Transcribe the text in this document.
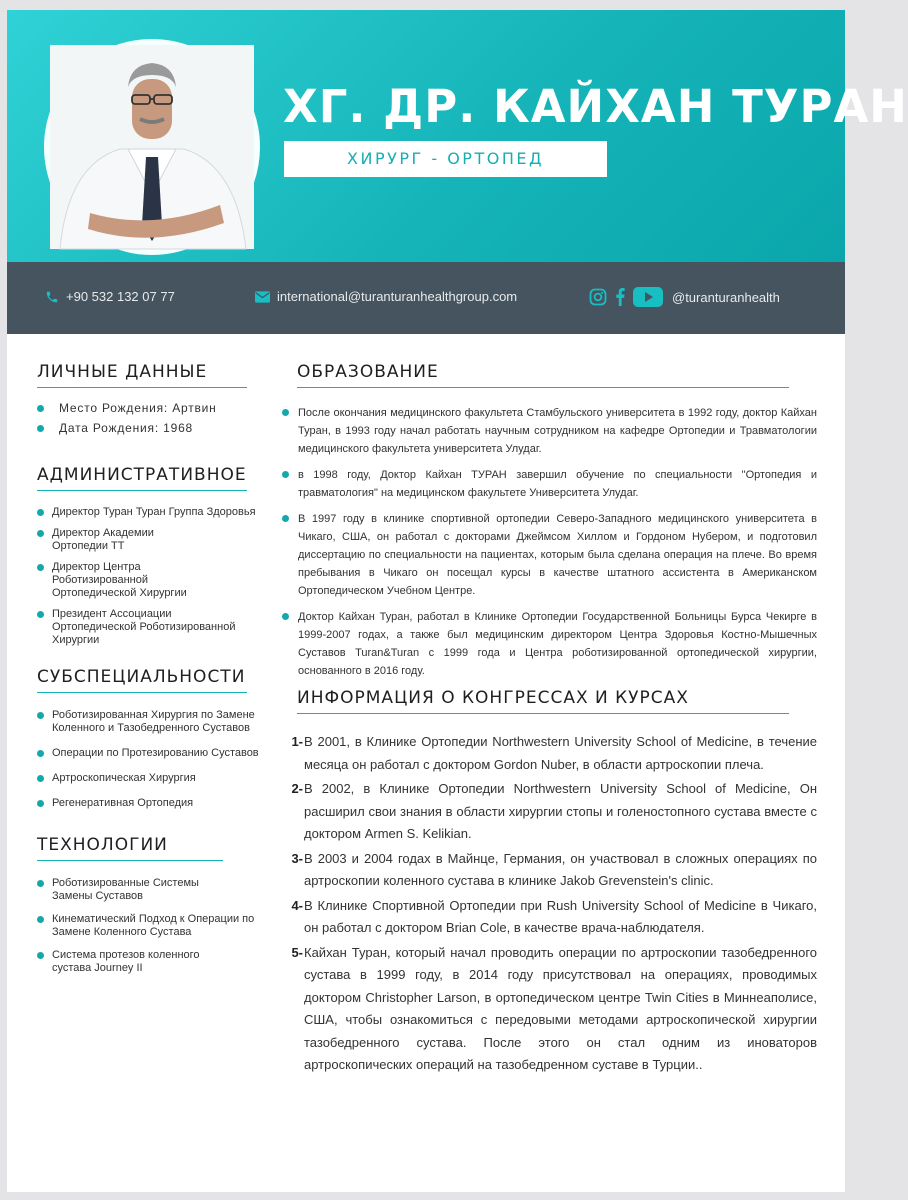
ХГ. ДР. КАЙХАН ТУРАН
ХИРУРГ - ОРТОПЕД
+90 532 132 07 77	international@turanturanhealthgroup.com	@turanturanhealth
ЛИЧНЫЕ ДАННЫЕ
Место Рождения: Артвин
Дата Рождения: 1968
АДМИНИСТРАТИВНОЕ
Директор Туран Туран Группа Здоровья
Директор Академии Ортопедии ТТ
Директор Центра Роботизированной Ортопедической Хирургии
Президент Ассоциации Ортопедической Роботизированной Хирургии
СУБСПЕЦИАЛЬНОСТИ
Роботизированная Хирургия по Замене Коленного и Тазобедренного Суставов
Операции по Протезированию Суставов
Артроскопическая Хирургия
Регенеративная Ортопедия
ТЕХНОЛОГИИ
Роботизированные Системы Замены Суставов
Кинематический Подход к Операции по Замене Коленного Сустава
Система протезов коленного сустава Journey II
ОБРАЗОВАНИЕ
После окончания медицинского факультета Стамбульского университета в 1992 году, доктор Кайхан Туран, в 1993 году начал работать научным сотрудником на кафедре Ортопедии и Травматологии медицинского факультета университета Улудаг.
в 1998 году, Доктор Кайхан ТУРАН завершил обучение по специальности "Ортопедия и травматология" на медицинском факультете Университета Улудаг.
В 1997 году в клинике спортивной ортопедии Северо-Западного медицинского университета в Чикаго, США, он работал с докторами Джеймсом Хиллом и Гордоном Нубером, и подготовил диссертацию по специальности на пациентах, которым была сделана операция на плече. Во время пребывания в Чикаго он посещал курсы в качестве штатного ассистента в Американском Ортопедическом Учебном Центре.
Доктор Кайхан Туран, работал в Клинике Ортопедии Государственной Больницы Бурса Чекирге в 1999-2007 годах, а также был медицинским директором Центра Здоровья Костно-Мышечных Суставов Turan&Turan с 1999 года и Центра роботизированной ортопедической хирургии, основанного в 2016 году.
ИНФОРМАЦИЯ О КОНГРЕССАХ И КУРСАХ
1- В 2001, в Клинике Ортопедии Northwestern University School of Medicine, в течение месяца он работал с доктором Gordon Nuber, в области артроскопии плеча.
2- В 2002, в Клинике Ортопедии Northwestern University School of Medicine, Он расширил свои знания в области хирургии стопы и голеностопного сустава вместе с доктором Armen S. Kelikian.
3- В 2003 и 2004 годах в Майнце, Германия, он участвовал в сложных операциях по артроскопии коленного сустава в клинике Jakob Grevenstein's clinic.
4- В Клинике Спортивной Ортопедии при Rush University School of Medicine в Чикаго, он работал с доктором Brian Cole, в качестве врача-наблюдателя.
5- Кайхан Туран, который начал проводить операции по артроскопии тазобедренного сустава в 1999 году, в 2014 году присутствовал на операциях, проводимых доктором Christopher Larson, в ортопедическом центре Twin Cities в Миннеаполисе, США, чтобы ознакомиться с передовыми методами артроскопической хирургии тазобедренного сустава. После этого он стал одним из иноваторов артроскопических операций на тазобедренном суставе в Турции..
